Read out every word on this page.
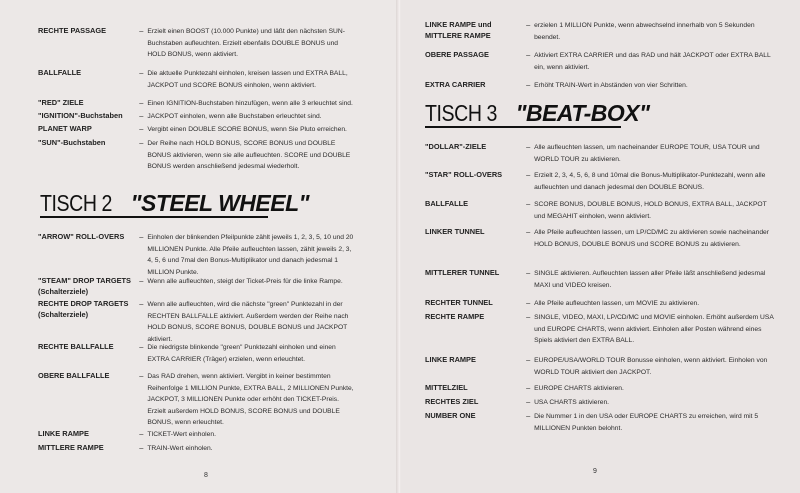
RECHTE PASSAGE	– Erzielt einen BOOST (10.000 Punkte) und läßt den nächsten SUN-Buchstaben aufleuchten. Erzielt ebenfalls DOUBLE BONUS und HOLD BONUS, wenn aktiviert.
BALLFALLE	– Die aktuelle Punktezahl einholen, kreisen lassen und EXTRA BALL, JACKPOT und SCORE BONUS einholen, wenn aktiviert.
"RED" ZIELE	– Einen IGNITION-Buchstaben hinzufügen, wenn alle 3 erleuchtet sind.
"IGNITION"-Buchstaben	– JACKPOT einholen, wenn alle Buchstaben erleuchtet sind.
PLANET WARP	– Vergibt einen DOUBLE SCORE BONUS, wenn Sie Pluto erreichen.
"SUN"-Buchstaben	– Der Reihe nach HOLD BONUS, SCORE BONUS und DOUBLE BONUS aktivieren, wenn sie alle aufleuchten. SCORE und DOUBLE BONUS werden anschließend jedesmal wiederholt.
TISCH 2 "STEEL WHEEL"
"ARROW" ROLL-OVERS	– Einholen der blinkenden Pfeilpunkte zählt jeweils 1, 2, 3, 5, 10 und 20 MILLIONEN Punkte. Alle Pfeile aufleuchten lassen, zählt jeweils 2, 3, 4, 5, 6 und 7mal den Bonus-Multiplikator und danach jedesmal 1 MILLION Punkte.
"STEAM" DROP TARGETS
(Schalterziele)
– Wenn alle aufleuchten, steigt der Ticket-Preis für die linke Rampe.
RECHTE DROP TARGETS
(Schalterziele)
– Wenn alle aufleuchten, wird die nächste "green" Punktezahl in der RECHTEN BALLFALLE aktiviert. Außerdem werden der Reihe nach HOLD BONUS, SCORE BONUS, DOUBLE BONUS und JACKPOT aktiviert.
RECHTE BALLFALLE	– Die niedrigste blinkende "green" Punktezahl einholen und einen EXTRA CARRIER (Träger) erzielen, wenn erleuchtet.
OBERE BALLFALLE	– Das RAD drehen, wenn aktiviert. Vergibt in keiner bestimmten Reihenfolge 1 MILLION Punkte, EXTRA BALL, 2 MILLIONEN Punkte, JACKPOT, 3 MILLIONEN Punkte oder erhöht den TICKET-Preis. Erzielt außerdem HOLD BONUS, SCORE BONUS und DOUBLE BONUS, wenn erleuchtet.
LINKE RAMPE	– TICKET-Wert einholen.
MITTLERE RAMPE	– TRAIN-Wert einholen.
8
LINKE RAMPE und
MITTLERE RAMPE
– erzielen 1 MILLION Punkte, wenn abwechselnd innerhalb von 5 Sekunden beendet.
OBERE PASSAGE	– Aktiviert EXTRA CARRIER und das RAD und hält JACKPOT oder EXTRA BALL ein, wenn aktiviert.
EXTRA CARRIER	– Erhöht TRAIN-Wert in Abständen von vier Schritten.
TISCH 3 "BEAT-BOX"
"DOLLAR"-ZIELE	– Alle aufleuchten lassen, um nacheinander EUROPE TOUR, USA TOUR und WORLD TOUR zu aktivieren.
"STAR" ROLL-OVERS	– Erzielt 2, 3, 4, 5, 6, 8 und 10mal die Bonus-Multiplikator-Punktezahl, wenn alle aufleuchten und danach jedesmal den DOUBLE BONUS.
BALLFALLE	– SCORE BONUS, DOUBLE BONUS, HOLD BONUS, EXTRA BALL, JACKPOT und MEGAHIT einholen, wenn aktiviert.
LINKER TUNNEL	– Alle Pfeile aufleuchten lassen, um LP/CD/MC zu aktivieren sowie nacheinander HOLD BONUS, DOUBLE BONUS und SCORE BONUS zu aktivieren.
MITTLERER TUNNEL	– SINGLE aktivieren. Aufleuchten lassen aller Pfeile läßt anschließend jedesmal MAXI und VIDEO kreisen.
RECHTER TUNNEL	– Alle Pfeile aufleuchten lassen, um MOVIE zu aktivieren.
RECHTE RAMPE	– SINGLE, VIDEO, MAXI, LP/CD/MC und MOVIE einholen. Erhöht außerdem USA und EUROPE CHARTS, wenn aktiviert. Einholen aller Posten während eines Spiels aktiviert den EXTRA BALL.
LINKE RAMPE	– EUROPE/USA/WORLD TOUR Bonusse einholen, wenn aktiviert. Einholen von WORLD TOUR aktiviert den JACKPOT.
MITTELZIEL	– EUROPE CHARTS aktivieren.
RECHTES ZIEL	– USA CHARTS aktivieren.
NUMBER ONE	– Die Nummer 1 in den USA oder EUROPE CHARTS zu erreichen, wird mit 5 MILLIONEN Punkten belohnt.
9
